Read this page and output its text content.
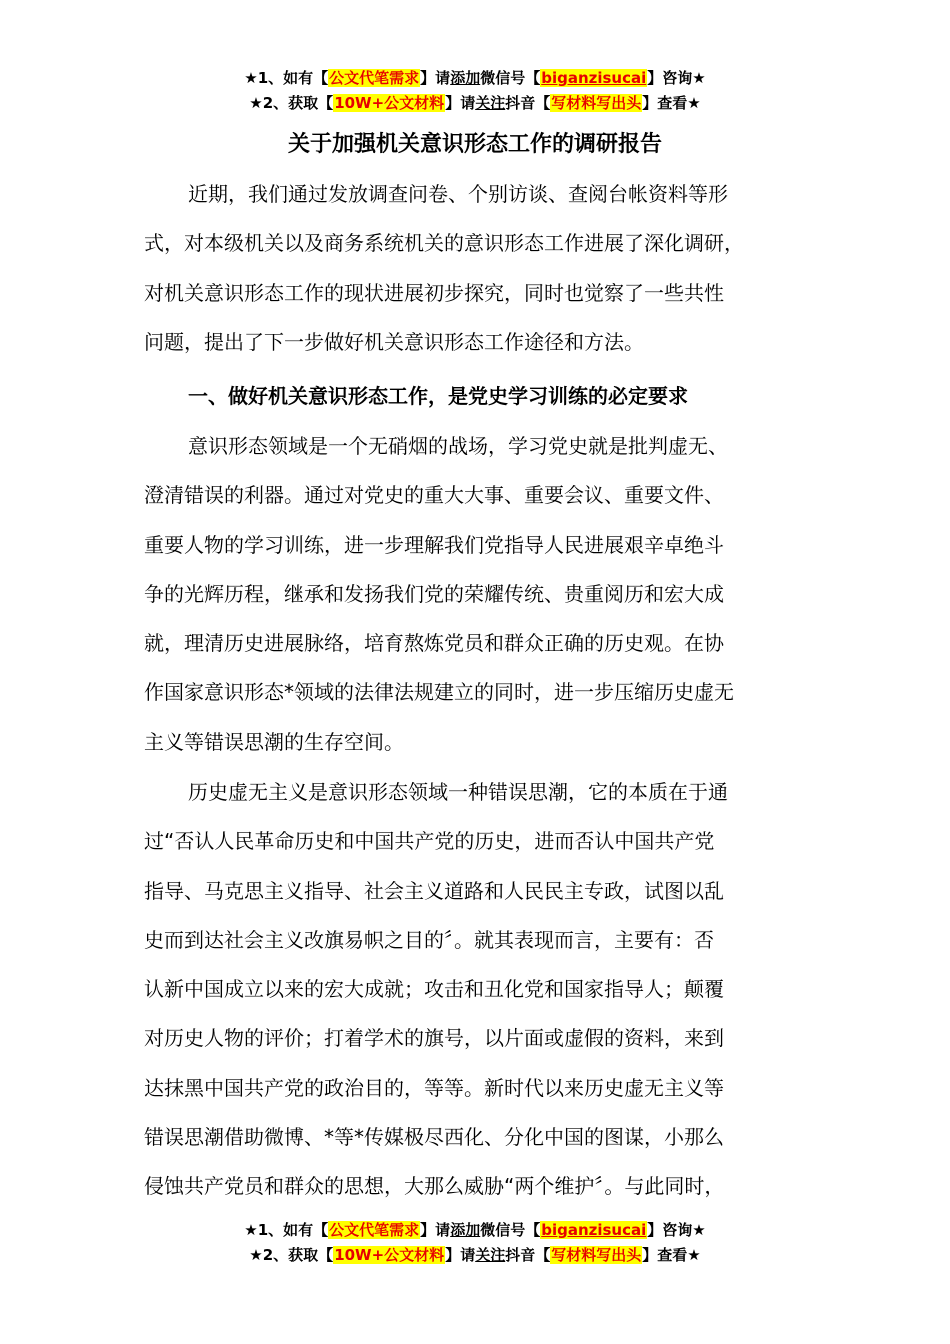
★1、如有【公文代笔需求】请添加微信号【biganzisucai】咨询★
★2、获取【10W+公文材料】请关注抖音【写材料写出头】查看★
关于加强机关意识形态工作的调研报告
近期，我们通过发放调查问卷、个别访谈、查阅台帐资料等形
式，对本级机关以及商务系统机关的意识形态工作进展了深化调研，
对机关意识形态工作的现状进展初步探究，同时也觉察了一些共性
问题，提出了下一步做好机关意识形态工作途径和方法。
一、做好机关意识形态工作，是党史学习训练的必定要求
意识形态领域是一个无硝烟的战场，学习党史就是批判虚无、
澄清错误的利器。通过对党史的重大大事、重要会议、重要文件、
重要人物的学习训练，进一步理解我们党指导人民进展艰辛卓绝斗
争的光辉历程，继承和发扬我们党的荣耀传统、贵重阅历和宏大成
就，理清历史进展脉络，培育熬炼党员和群众正确的历史观。在协
作国家意识形态*领域的法律法规建立的同时，进一步压缩历史虚无
主义等错误思潮的生存空间。
历史虚无主义是意识形态领域一种错误思潮，它的本质在于通
过“否认人民革命历史和中国共产党的历史，进而否认中国共产党
指导、马克思主义指导、社会主义道路和人民民主专政，试图以乱
史而到达社会主义改旗易帜之目的〞。就其表现而言，主要有：否
认新中国成立以来的宏大成就；攻击和丑化党和国家指导人；颠覆
对历史人物的评价；打着学术的旗号，以片面或虚假的资料，来到
达抹黑中国共产党的政治目的，等等。新时代以来历史虚无主义等
错误思潮借助微博、*等*传媒极尽西化、分化中国的图谋，小那么
侵蚀共产党员和群众的思想，大那么威胁“两个维护〞。与此同时，
★1、如有【公文代笔需求】请添加微信号【biganzisucai】咨询★
★2、获取【10W+公文材料】请关注抖音【写材料写出头】查看★
